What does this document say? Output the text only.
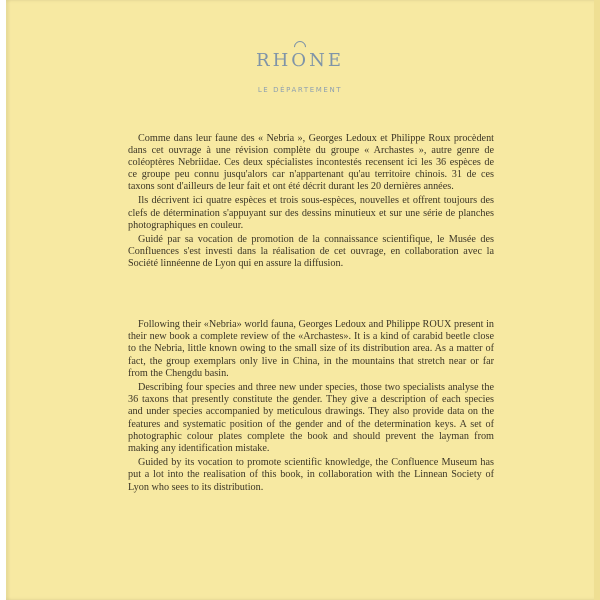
RHONE
LE DÉPARTEMENT

Comme dans leur faune des « Nebria », Georges Ledoux et Philippe Roux procèdent dans cet ouvrage à une révision complète du groupe « Archastes », autre genre de coléoptères Nebriidae. Ces deux spécialistes incontestés recensent ici les 36 espèces de ce groupe peu connu jusqu'alors car n'appartenant qu'au territoire chinois. 31 de ces taxons sont d'ailleurs de leur fait et ont été décrit durant les 20 dernières années.

Ils décrivent ici quatre espèces et trois sous-espèces, nouvelles et offrent toujours des clefs de détermination s'appuyant sur des dessins minutieux et sur une série de planches photographiques en couleur.

Guidé par sa vocation de promotion de la connaissance scientifique, le Musée des Confluences s'est investi dans la réalisation de cet ouvrage, en collaboration avec la Société linnéenne de Lyon qui en assure la diffusion.

Following their «Nebria» world fauna, Georges Ledoux and Philippe ROUX present in their new book a complete review of the «Archastes». It is a kind of carabid beetle close to the Nebria, little known owing to the small size of its distribution area. As a matter of fact, the group exemplars only live in China, in the mountains that stretch near or far from the Chengdu basin.

Describing four species and three new under species, those two specialists analyse the 36 taxons that presently constitute the gender. They give a description of each species and under species accompanied by meticulous drawings. They also provide data on the features and systematic position of the gender and of the determination keys. A set of photographic colour plates complete the book and should prevent the layman from making any identification mistake.

Guided by its vocation to promote scientific knowledge, the Confluence Museum has put a lot into the realisation of this book, in collaboration with the Linnean Society of Lyon who sees to its distribution.
